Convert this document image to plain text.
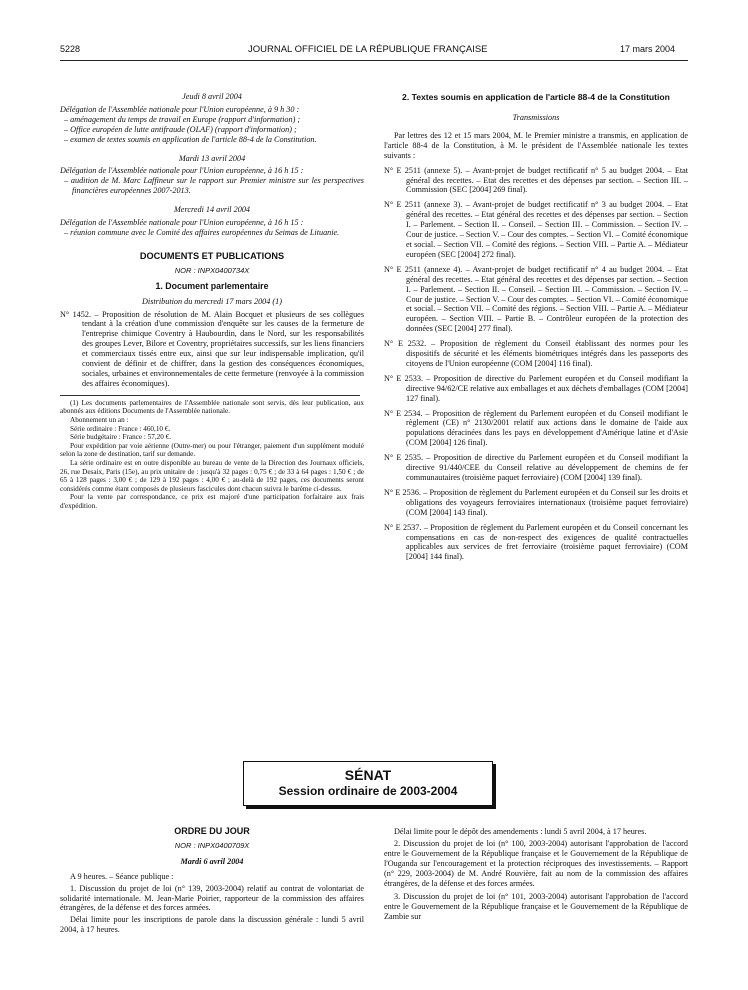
5228	JOURNAL OFFICIEL DE LA RÉPUBLIQUE FRANÇAISE	17 mars 2004

Jeudi 8 avril 2004

Délégation de l'Assemblée nationale pour l'Union européenne, à 9 h 30 :

– aménagement du temps de travail en Europe (rapport d'information) ;

– Office européen de lutte antifraude (OLAF) (rapport d'information) ;

– examen de textes soumis en application de l'article 88-4 de la Constitution.

Mardi 13 avril 2004

Délégation de l'Assemblée nationale pour l'Union européenne, à 16 h 15 :

– audition de M. Marc Laffineur sur le rapport sur Premier ministre sur les perspectives financières européennes 2007-2013.

Mercredi 14 avril 2004

Délégation de l'Assemblée nationale pour l'Union européenne, à 16 h 15 :

– réunion commune avec le Comité des affaires européennes du Seimas de Lituanie.

DOCUMENTS ET PUBLICATIONS

NOR : INPX0400734X

1. Document parlementaire

Distribution du mercredi 17 mars 2004 (1)

N° 1452. – Proposition de résolution de M. Alain Bocquet et plusieurs de ses collègues tendant à la création d'une commission d'enquête sur les causes de la fermeture de l'entreprise chimique Coventry à Haubourdin, dans le Nord, sur les responsabilités des groupes Lever, Bilore et Coventry, propriétaires successifs, sur les liens financiers et commerciaux tissés entre eux, ainsi que sur leur indispensable implication, qu'il convient de définir et de chiffrer, dans la gestion des conséquences économiques, sociales, urbaines et environnementales de cette fermeture (renvoyée à la commission des affaires économiques).

(1) Les documents parlementaires de l'Assemblée nationale sont servis, dès leur publication, aux abonnés aux éditions Documents de l'Assemblée nationale.

Abonnement un an :

Série ordinaire : France : 460,10 €.

Série budgétaire : France : 57,20 €.

Pour expédition par voie aérienne (Outre-mer) ou pour l'étranger, paiement d'un supplément modulé selon la zone de destination, tarif sur demande.

La série ordinaire est en outre disponible au bureau de vente de la Direction des Journaux officiels, 26, rue Desaix, Paris (15e), au prix unitaire de : jusqu'à 32 pages : 0,75 € ; de 33 à 64 pages : 1,50 € ; de 65 à 128 pages : 3,00 € ; de 129 à 192 pages : 4,00 € ; au-delà de 192 pages, ces documents seront considérés comme étant composés de plusieurs fascicules dont chacun suivra le barème ci-dessus.

Pour la vente par correspondance, ce prix est majoré d'une participation forfaitaire aux frais d'expédition.

2. Textes soumis en application de l'article 88-4 de la Constitution

Transmissions

Par lettres des 12 et 15 mars 2004, M. le Premier ministre a transmis, en application de l'article 88-4 de la Constitution, à M. le président de l'Assemblée nationale les textes suivants :

N° E 2511 (annexe 5). – Avant-projet de budget rectificatif n° 5 au budget 2004. – Etat général des recettes. – Etat des recettes et des dépenses par section. – Section III. – Commission (SEC [2004] 269 final).

N° E 2511 (annexe 3). – Avant-projet de budget rectificatif n° 3 au budget 2004. – Etat général des recettes. – Etat général des recettes et des dépenses par section. – Section I. – Parlement. – Section II. – Conseil. – Section III. – Commission. – Section IV. – Cour de justice. – Section V. – Cour des comptes. – Section VI. – Comité économique et social. – Section VII. – Comité des régions. – Section VIII. – Partie A. – Médiateur européen (SEC [2004] 272 final).

N° E 2511 (annexe 4). – Avant-projet de budget rectificatif n° 4 au budget 2004. – Etat général des recettes. – Etat général des recettes et des dépenses par section. – Section I. – Parlement. – Section II. – Conseil. – Section III. – Commission. – Section IV. – Cour de justice. – Section V. – Cour des comptes. – Section VI. – Comité économique et social. – Section VII. – Comité des régions. – Section VIII. – Partie A. – Médiateur européen. – Section VIII. – Partie B. – Contrôleur européen de la protection des données (SEC [2004] 277 final).

N° E 2532. – Proposition de règlement du Conseil établissant des normes pour les dispositifs de sécurité et les éléments biométriques intégrés dans les passeports des citoyens de l'Union européenne (COM [2004] 116 final).

N° E 2533. – Proposition de directive du Parlement européen et du Conseil modifiant la directive 94/62/CE relative aux emballages et aux déchets d'emballages (COM [2004] 127 final).

N° E 2534. – Proposition de règlement du Parlement européen et du Conseil modifiant le règlement (CE) n° 2130/2001 relatif aux actions dans le domaine de l'aide aux populations déracinées dans les pays en développement d'Amérique latine et d'Asie (COM [2004] 126 final).

N° E 2535. – Proposition de directive du Parlement européen et du Conseil modifiant la directive 91/440/CEE du Conseil relative au développement de chemins de fer communautaires (troisième paquet ferroviaire) (COM [2004] 139 final).

N° E 2536. – Proposition de règlement du Parlement européen et du Conseil sur les droits et obligations des voyageurs ferroviaires internationaux (troisième paquet ferroviaire) (COM [2004] 143 final).

N° E 2537. – Proposition de règlement du Parlement européen et du Conseil concernant les compensations en cas de non-respect des exigences de qualité contractuelles applicables aux services de fret ferroviaire (troisième paquet ferroviaire) (COM [2004] 144 final).

SÉNAT
Session ordinaire de 2003-2004

ORDRE DU JOUR

NOR : INPX0400709X

Mardi 6 avril 2004

A 9 heures. – Séance publique :

1. Discussion du projet de loi (n° 139, 2003-2004) relatif au contrat de volontariat de solidarité internationale. M. Jean-Marie Poirier, rapporteur de la commission des affaires étrangères, de la défense et des forces armées.

Délai limite pour les inscriptions de parole dans la discussion générale : lundi 5 avril 2004, à 17 heures.

Délai limite pour le dépôt des amendements : lundi 5 avril 2004, à 17 heures.

2. Discussion du projet de loi (n° 100, 2003-2004) autorisant l'approbation de l'accord entre le Gouvernement de la République française et le Gouvernement de la République de l'Ouganda sur l'encouragement et la protection réciproques des investissements. – Rapport (n° 229, 2003-2004) de M. André Rouvière, fait au nom de la commission des affaires étrangères, de la défense et des forces armées.

3. Discussion du projet de loi (n° 101, 2003-2004) autorisant l'approbation de l'accord entre le Gouvernement de la République française et le Gouvernement de la République de Zambie sur
